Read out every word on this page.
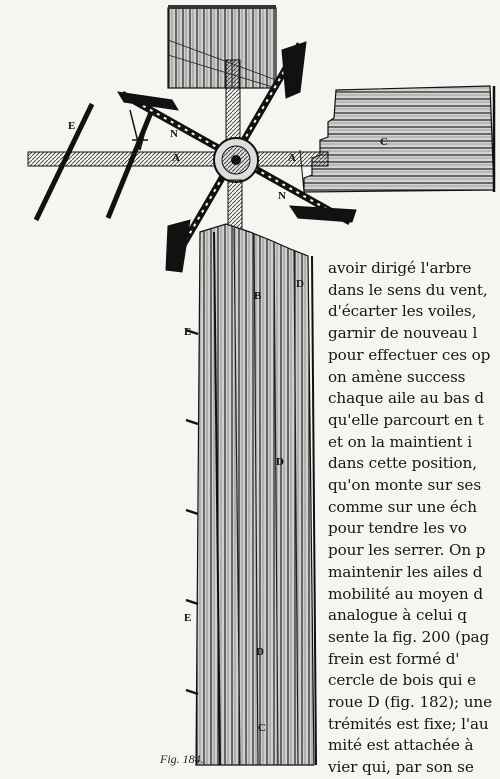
E
N
A	A
N
C
E
E
D
D
D
B
C
Fig. 184.
avoir dirigé l'arbre
dans le sens du vent,
d'écarter les voiles,
garnir de nouveau l
pour effectuer ces op
on amène success
chaque aile au bas d
qu'elle parcourt en t
et on la maintient i
dans cette position,
qu'on monte sur ses
comme sur une éch
pour tendre les vo
pour les serrer. On p
maintenir les ailes d
mobilité au moyen d
analogue à celui q
sente la fig. 200 (pag
frein est formé d'
cercle de bois qui e
roue D (fig. 182); une
trémités est fixe; l'au
mité est attachée à
vier qui, par son se
